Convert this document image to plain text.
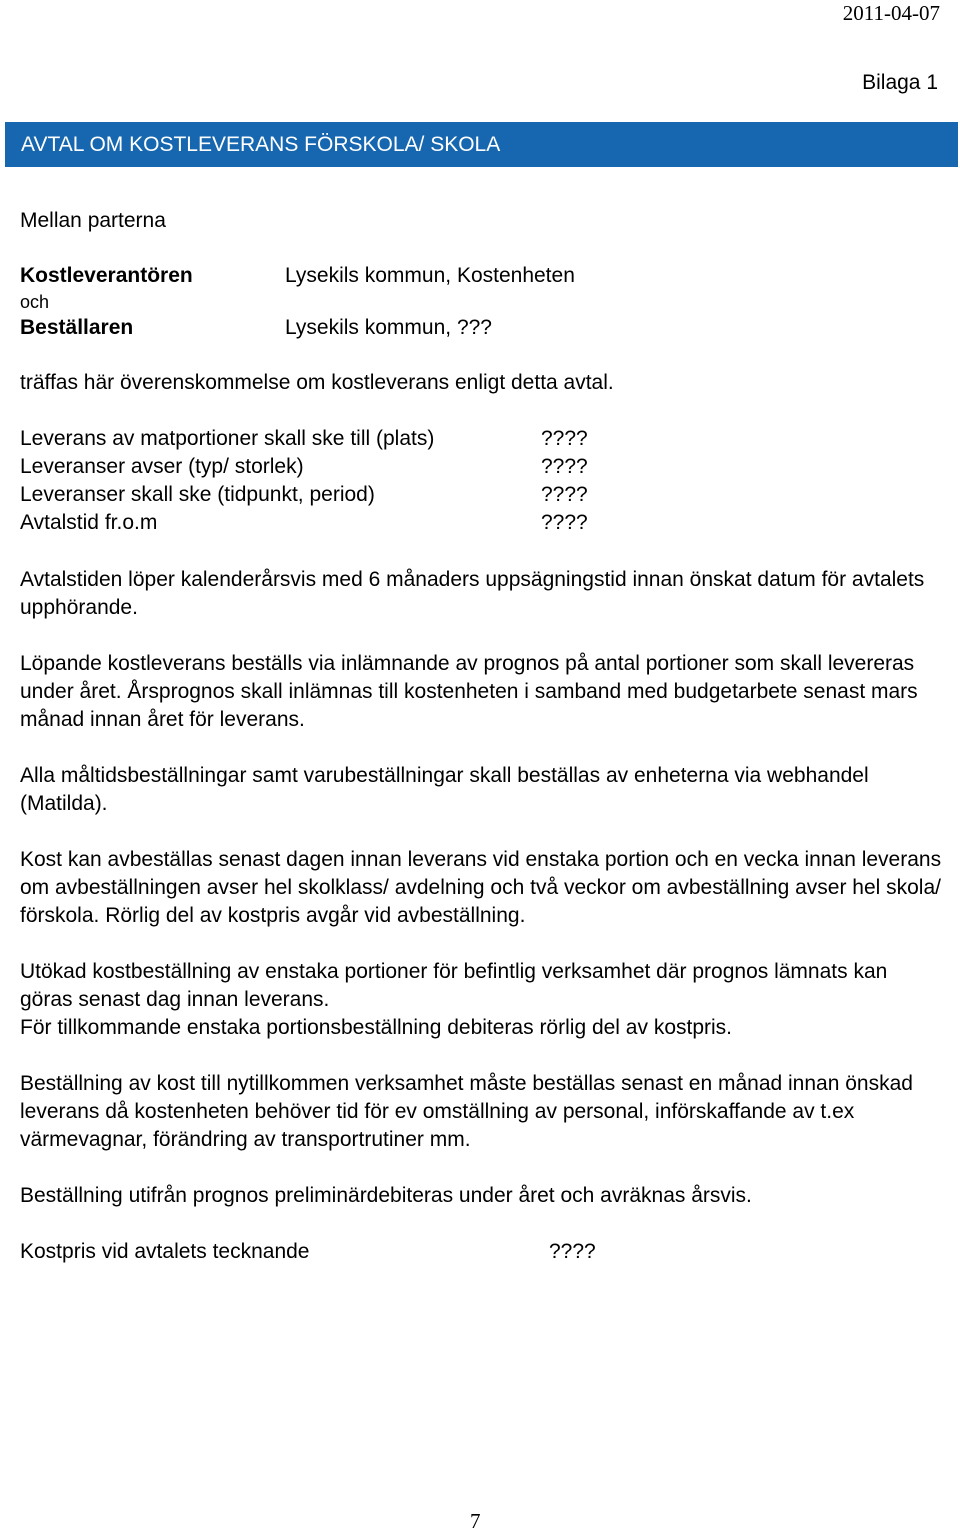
2011-04-07
Bilaga 1
AVTAL OM KOSTLEVERANS FÖRSKOLA/ SKOLA
Mellan parterna
Kostleverantören	Lysekils kommun, Kostenheten
och
Beställaren	Lysekils kommun, ???
träffas här överenskommelse om kostleverans enligt detta avtal.
Leverans av matportioner skall ske till (plats)	????
Leveranser avser (typ/ storlek)	????
Leveranser skall ske (tidpunkt, period)	????
Avtalstid fr.o.m	????
Avtalstiden löper kalenderårsvis med 6 månaders uppsägningstid innan önskat datum för avtalets upphörande.
Löpande kostleverans beställs via inlämnande av prognos på antal portioner som skall levereras under året. Årsprognos skall inlämnas till kostenheten i samband med budgetarbete senast mars månad innan året för leverans.
Alla måltidsbeställningar samt varubeställningar skall beställas av enheterna via webhandel (Matilda).
Kost kan avbeställas senast dagen innan leverans vid enstaka portion och en vecka innan leverans om avbeställningen avser hel skolklass/ avdelning och två veckor om avbeställning avser hel skola/ förskola. Rörlig del av kostpris avgår vid avbeställning.
Utökad kostbeställning av enstaka portioner för befintlig verksamhet där prognos lämnats kan göras senast dag innan leverans.
För tillkommande enstaka portionsbeställning debiteras rörlig del av kostpris.
Beställning av kost till nytillkommen verksamhet måste beställas senast en månad innan önskad leverans då kostenheten behöver tid för ev omställning av personal, införskaffande av t.ex värmevagnar, förändring av transportrutiner mm.
Beställning utifrån prognos preliminärdebiteras under året och avräknas årsvis.
Kostpris vid avtalets tecknande	????
7
